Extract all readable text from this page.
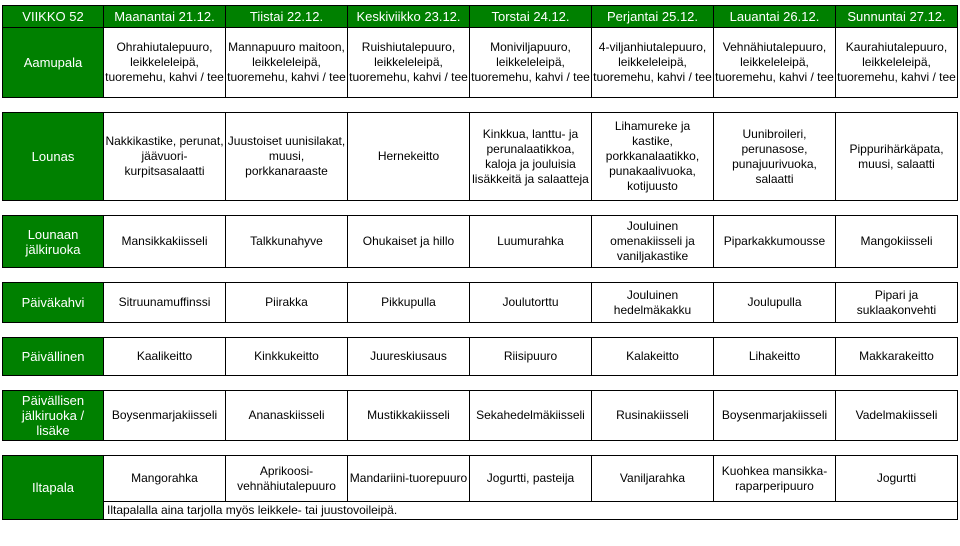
VIIKKO 52	Maanantai 21.12.	Tiistai 22.12.	Keskiviikko 23.12.	Torstai 24.12.	Perjantai 25.12.	Lauantai 26.12.	Sunnuntai 27.12.
Aamupala	Ohrahiutalepuuro,
leikkeleleipä,
tuoremehu, kahvi / tee	Mannapuuro maitoon,
leikkeleleipä,
tuoremehu, kahvi / tee	Ruishiutalepuuro,
leikkeleleipä,
tuoremehu, kahvi / tee	Moniviljapuuro,
leikkeleleipä,
tuoremehu, kahvi / tee	4-viljanhiutalepuuro,
leikkeleleipä,
tuoremehu, kahvi / tee	Vehnähiutalepuuro,
leikkeleleipä,
tuoremehu, kahvi / tee	Kaurahiutalepuuro,
leikkeleleipä,
tuoremehu, kahvi / tee

Lounas	Nakkikastike, perunat,
jäävuori-
kurpitsasalaatti	Juustoiset uunisilakat,
muusi,
porkkanaraaste	Hernekeitto	Kinkkua, lanttu- ja
perunalaatikkoa,
kaloja ja jouluisia
lisäkkeitä ja salaatteja	Lihamureke ja
kastike,
porkkanalaatikko,
punakaalivuoka,
kotijuusto	Uunibroileri,
perunasose,
punajuurivuoka,
salaatti	Pippurihärkäpata,
muusi, salaatti

Lounaan
jälkiruoka	Mansikkakiisseli	Talkkunahyve	Ohukaiset ja hillo	Luumurahka	Jouluinen
omenakiisseli ja
vaniljakastike	Piparkakkumousse	Mangokiisseli

Päiväkahvi	Sitruunamuffinssi	Piirakka	Pikkupulla	Joulutorttu	Jouluinen
hedelmäkakku	Joulupulla	Pipari ja
suklaakonvehti

Päivällinen	Kaalikeitto	Kinkkukeitto	Juureskiusaus	Riisipuuro	Kalakeitto	Lihakeitto	Makkarakeitto

Päivällisen
jälkiruoka /
lisäke	Boysenmarjakiisseli	Ananaskiisseli	Mustikkakiisseli	Sekahedelmäkiisseli	Rusinakiisseli	Boysenmarjakiisseli	Vadelmakiisseli

Iltapala	Mangorahka	Aprikoosi-
vehnähiutalepuuro	Mandariini-tuorepuuro	Jogurtti, pasteija	Vaniljarahka	Kuohkea mansikka-
raparperipuuro	Jogurtti
	Iltapalalla aina tarjolla myös leikkele- tai juustovoileipä.						
